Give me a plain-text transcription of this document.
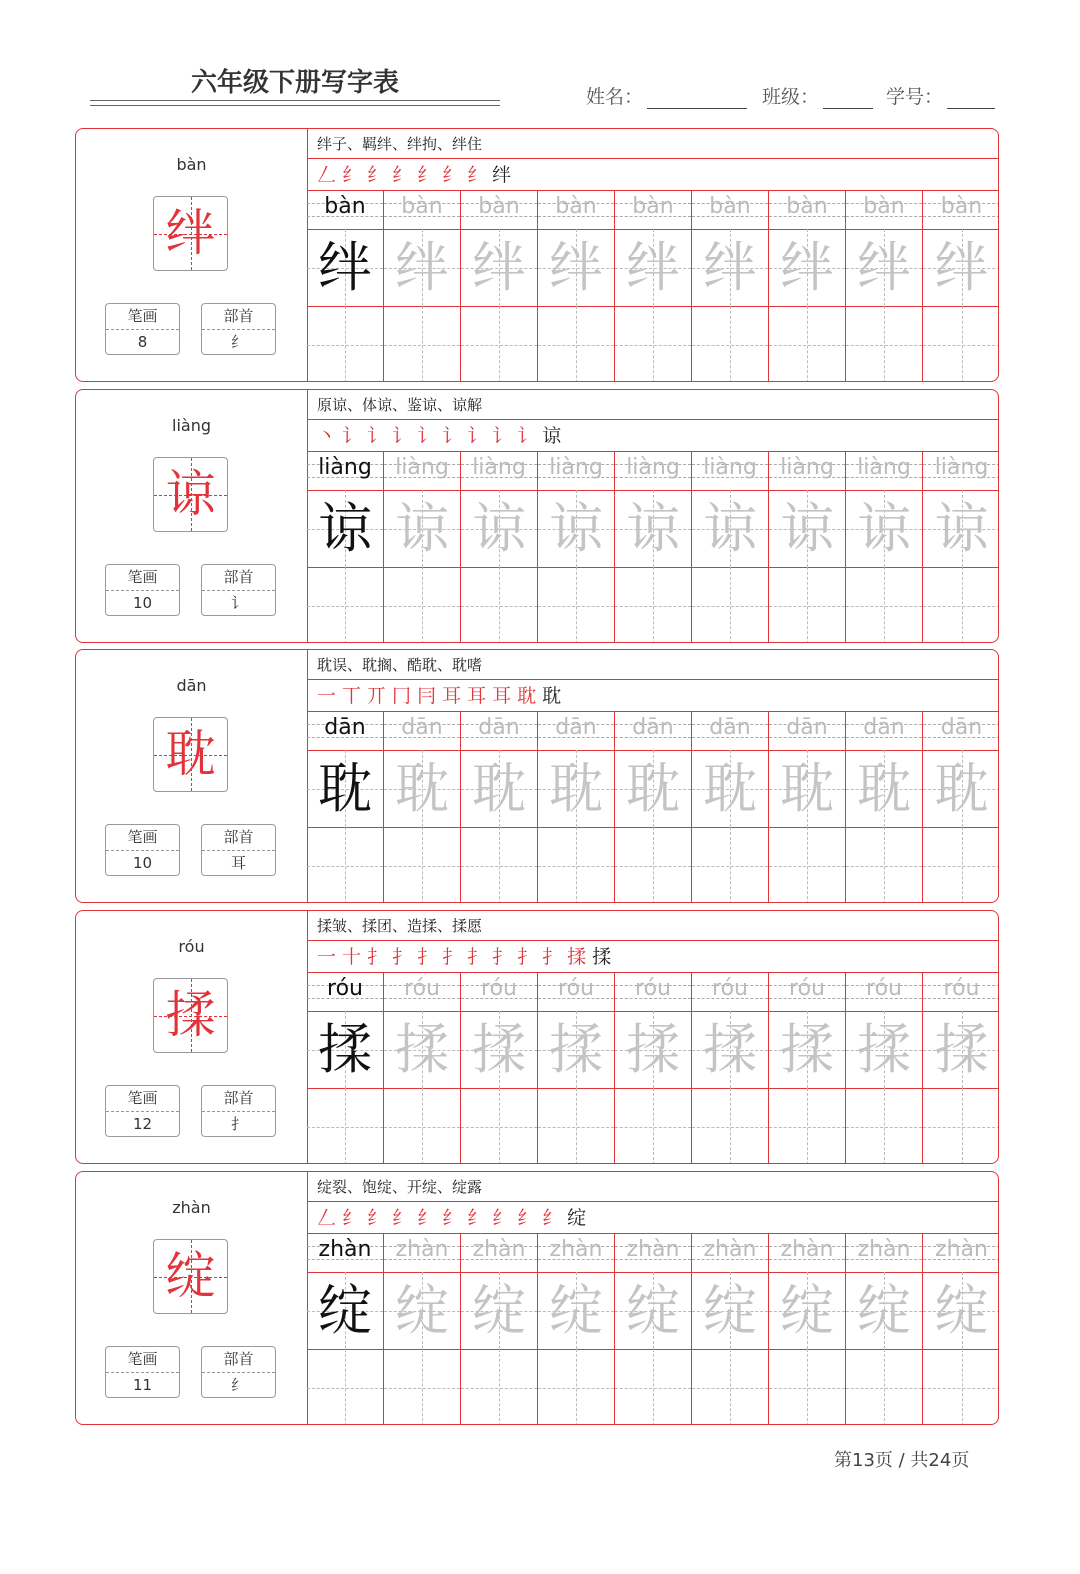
六年级下册写字表	姓名：	班级：	学号：
bàn
绊
笔画
8
部首
纟
绊子、羁绊、绊拘、绊住
𠃋 纟 纟 纟 纟 纟 纟 绊
bàn	bàn	bàn	bàn	bàn	bàn	bàn	bàn	bàn
绊 绊 绊 绊 绊 绊 绊 绊 绊
liàng
谅
笔画
10
部首
讠
原谅、体谅、鉴谅、谅解
丶 讠 讠 讠 讠 讠 讠 讠 讠 谅
liàng	liàng	liàng	liàng	liàng	liàng	liàng	liàng	liàng
谅 谅 谅 谅 谅 谅 谅 谅 谅
dān
耽
笔画
10
部首
耳
耽误、耽搁、酷耽、耽嗜
一 丅 丌 冂 冃 耳 耳 耳 耽 耽
dān	dān	dān	dān	dān	dān	dān	dān	dān
耽 耽 耽 耽 耽 耽 耽 耽 耽
róu
揉
笔画
12
部首
扌
揉皱、揉团、造揉、揉愿
一 十 扌 扌 扌 扌 扌 扌 扌 扌 揉 揉
róu	róu	róu	róu	róu	róu	róu	róu	róu
揉 揉 揉 揉 揉 揉 揉 揉 揉
zhàn
绽
笔画
11
部首
纟
绽裂、饱绽、开绽、绽露
𠃋 纟 纟 纟 纟 纟 纟 纟 纟 纟 绽
zhàn	zhàn	zhàn	zhàn	zhàn	zhàn	zhàn	zhàn	zhàn
绽 绽 绽 绽 绽 绽 绽 绽 绽
第13页 / 共24页
